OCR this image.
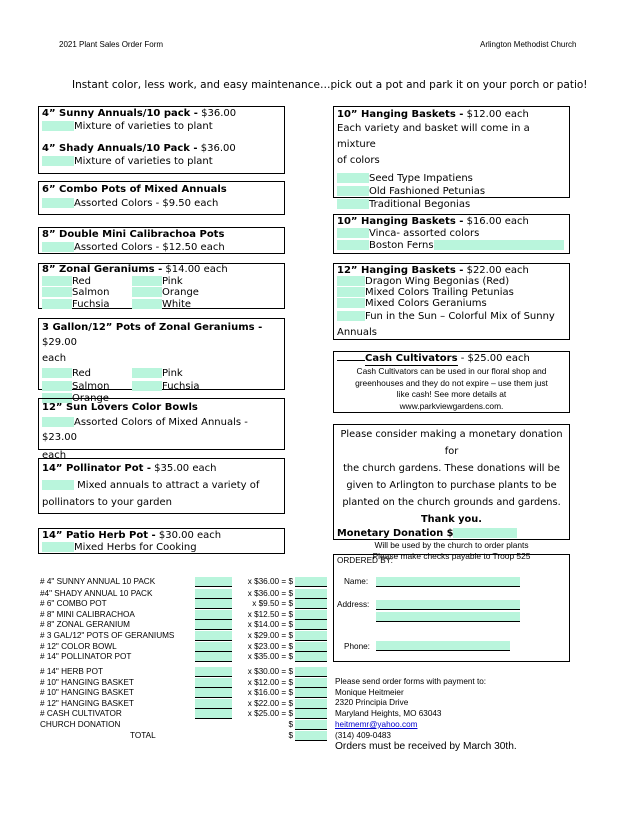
2021 Plant Sales Order Form	Arlington Methodist Church
Instant color, less work, and easy maintenance…pick out a pot and park it on your porch or patio!
4” Sunny Annuals/10 pack - $36.00
Mixture of varieties to plant
4” Shady Annuals/10 Pack - $36.00
Mixture of varieties to plant
6” Combo Pots of Mixed Annuals
Assorted Colors - $9.50 each
8” Double Mini Calibrachoa Pots
Assorted Colors - $12.50 each
8” Zonal Geraniums - $14.00 each
Red	Pink
Salmon	Orange
Fuchsia	White
3 Gallon/12” Pots of Zonal Geraniums - $29.00
each
Red	Pink
Salmon	Fuchsia
Orange
12” Sun Lovers Color Bowls
Assorted Colors of Mixed Annuals - $23.00
each
14” Pollinator Pot - $35.00 each
Mixed annuals to attract a variety of
pollinators to your garden
14” Patio Herb Pot - $30.00 each
Mixed Herbs for Cooking
10” Hanging Baskets - $12.00 each
Each variety and basket will come in a mixture
of colors
Seed Type Impatiens
Old Fashioned Petunias
Traditional Begonias
10” Hanging Baskets - $16.00 each
Vinca- assorted colors
Boston Ferns
12” Hanging Baskets - $22.00 each
Dragon Wing Begonias (Red)
Mixed Colors Trailing Petunias
Mixed Colors Geraniums
Fun in the Sun – Colorful Mix of Sunny
Annuals
Cash Cultivators - $25.00 each
Cash Cultivators can be used in our floral shop and
greenhouses and they do not expire – use them just
like cash! See more details at
www.parkviewgardens.com.
Please consider making a monetary donation for
the church gardens. These donations will be
given to Arlington to purchase plants to be
planted on the church grounds and gardens.
Thank you.
Monetary Donation $
Will be used by the church to order plants
Please make checks payable to Troop 525
# 4" SUNNY ANNUAL 10 PACK	x $36.00 = $
#4" SHADY ANNUAL 10 PACK	x $36.00 = $
# 6" COMBO POT	x $9.50 = $
# 8" MINI CALIBRACHOA	x $12.50 = $
# 8" ZONAL GERANIUM	x $14.00 = $
# 3 GAL/12" POTS OF GERANIUMS	x $29.00 = $
# 12" COLOR BOWL	x $23.00 = $
# 14" POLLINATOR POT	x $35.00 = $
# 14" HERB POT	x $30.00 = $
# 10" HANGING BASKET	x $12.00 = $
# 10" HANGING BASKET	x $16.00 = $
# 12" HANGING BASKET	x $22.00 = $
# CASH CULTIVATOR	x $25.00 = $
CHURCH DONATION	$
TOTAL	$
ORDERED BY:
Name:
Address:
Phone:
Please send order forms with payment to:
Monique Heitmeier
2320 Principia Drive
Maryland Heights, MO 63043
heitmemr@yahoo.com
(314) 409-0483
Orders must be received by March 30th.
